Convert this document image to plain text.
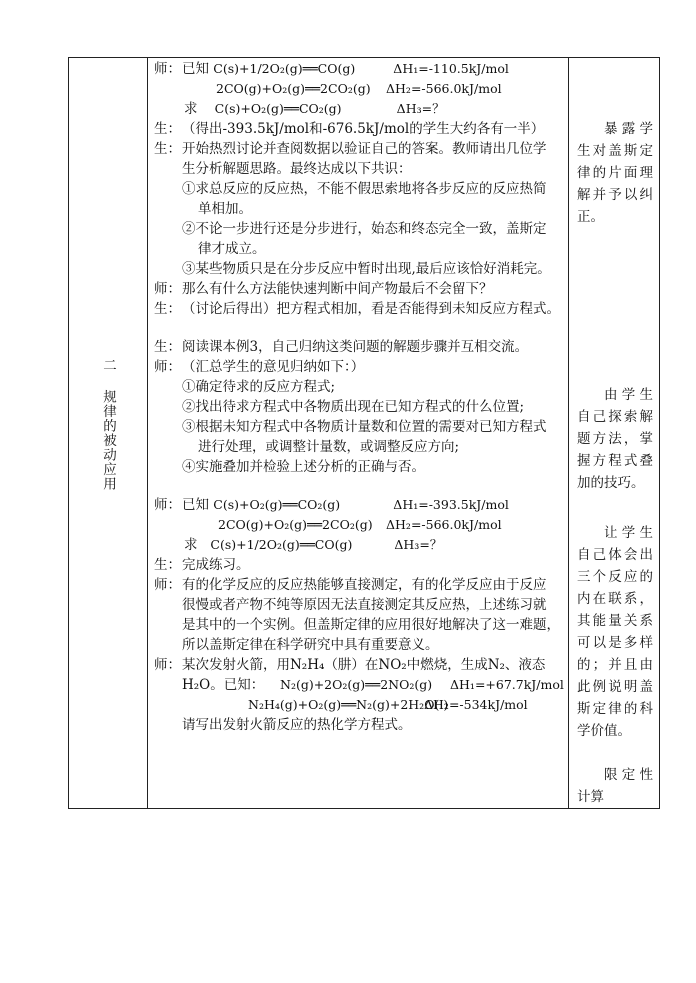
二 规律的被动应用

师：已知 C(s)+1/2O₂(g)══CO(g)	ΔH₁=-110.5kJ/mol
2CO(g)+O₂(g)══2CO₂(g) ΔH₂=-566.0kJ/mol
求 C(s)+O₂(g)══CO₂(g)	ΔH₃=？
生：（得出-393.5kJ/mol和-676.5kJ/mol的学生大约各有一半）
生：开始热烈讨论并查阅数据以验证自己的答案。教师请出几位学
生分析解题思路。最终达成以下共识：
①求总反应的反应热，不能不假思索地将各步反应的反应热简
单相加。
②不论一步进行还是分步进行，始态和终态完全一致，盖斯定
律才成立。
③某些物质只是在分步反应中暂时出现,最后应该恰好消耗完。
师：那么有什么方法能快速判断中间产物最后不会留下？
生：（讨论后得出）把方程式相加，看是否能得到未知反应方程式。
生：阅读课本例3，自己归纳这类问题的解题步骤并互相交流。
师：（汇总学生的意见归纳如下：）
①确定待求的反应方程式;
②找出待求方程式中各物质出现在已知方程式的什么位置;
③根据未知方程式中各物质计量数和位置的需要对已知方程式
进行处理，或调整计量数，或调整反应方向;
④实施叠加并检验上述分析的正确与否。
师：已知 C(s)+O₂(g)══CO₂(g)	ΔH₁=-393.5kJ/mol
2CO(g)+O₂(g)══2CO₂(g) ΔH₂=-566.0kJ/mol
求 C(s)+1/2O₂(g)══CO(g)	ΔH₃=？
生：完成练习。
师：有的化学反应的反应热能够直接测定，有的化学反应由于反应
很慢或者产物不纯等原因无法直接测定其反应热，上述练习就
是其中的一个实例。但盖斯定律的应用很好地解决了这一难题，
所以盖斯定律在科学研究中具有重要意义。
师：某次发射火箭，用N₂H₄（肼）在NO₂中燃烧，生成N₂、液态
H₂O。已知： N₂(g)+2O₂(g)══2NO₂(g) ΔH₁=+67.7kJ/mol
N₂H₄(g)+O₂(g)══N₂(g)+2H₂O(l)ΔH₂=-534kJ/mol
请写出发射火箭反应的热化学方程式。

暴露学生对盖斯定律的片面理解并予以纠正。
由学生自己探索解题方法，掌握方程式叠加的技巧。
让学生自己体会出三个反应的内在联系，其能量关系可以是多样的；并且由此例说明盖斯定律的科学价值。
限定性计算
